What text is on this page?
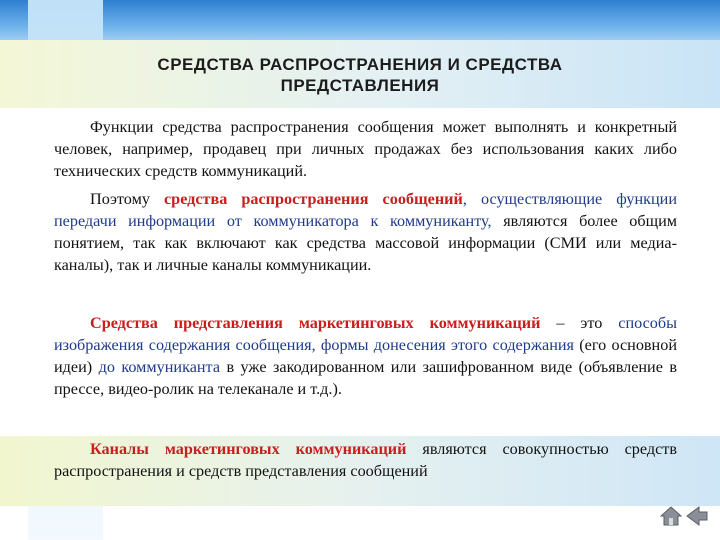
СРЕДСТВА РАСПРОСТРАНЕНИЯ И СРЕДСТВА
ПРЕДСТАВЛЕНИЯ

Функции средства распространения сообщения может выполнять и конкретный человек, например, продавец при личных продажах без использования каких либо технических средств коммуникаций.

Поэтому средства распространения сообщений, осуществляющие функции передачи информации от коммуникатора к коммуниканту, являются более общим понятием, так как включают как средства массовой информации (СМИ или медиа-каналы), так и личные каналы коммуникации.

Средства представления маркетинговых коммуникаций – это способы изображения содержания сообщения, формы донесения этого содержания (его основной идеи) до коммуниканта в уже закодированном или зашифрованном виде (объявление в прессе, видео-ролик на телеканале и т.д.).

Каналы маркетинговых коммуникаций являются совокупностью средств распространения и средств представления сообщений
